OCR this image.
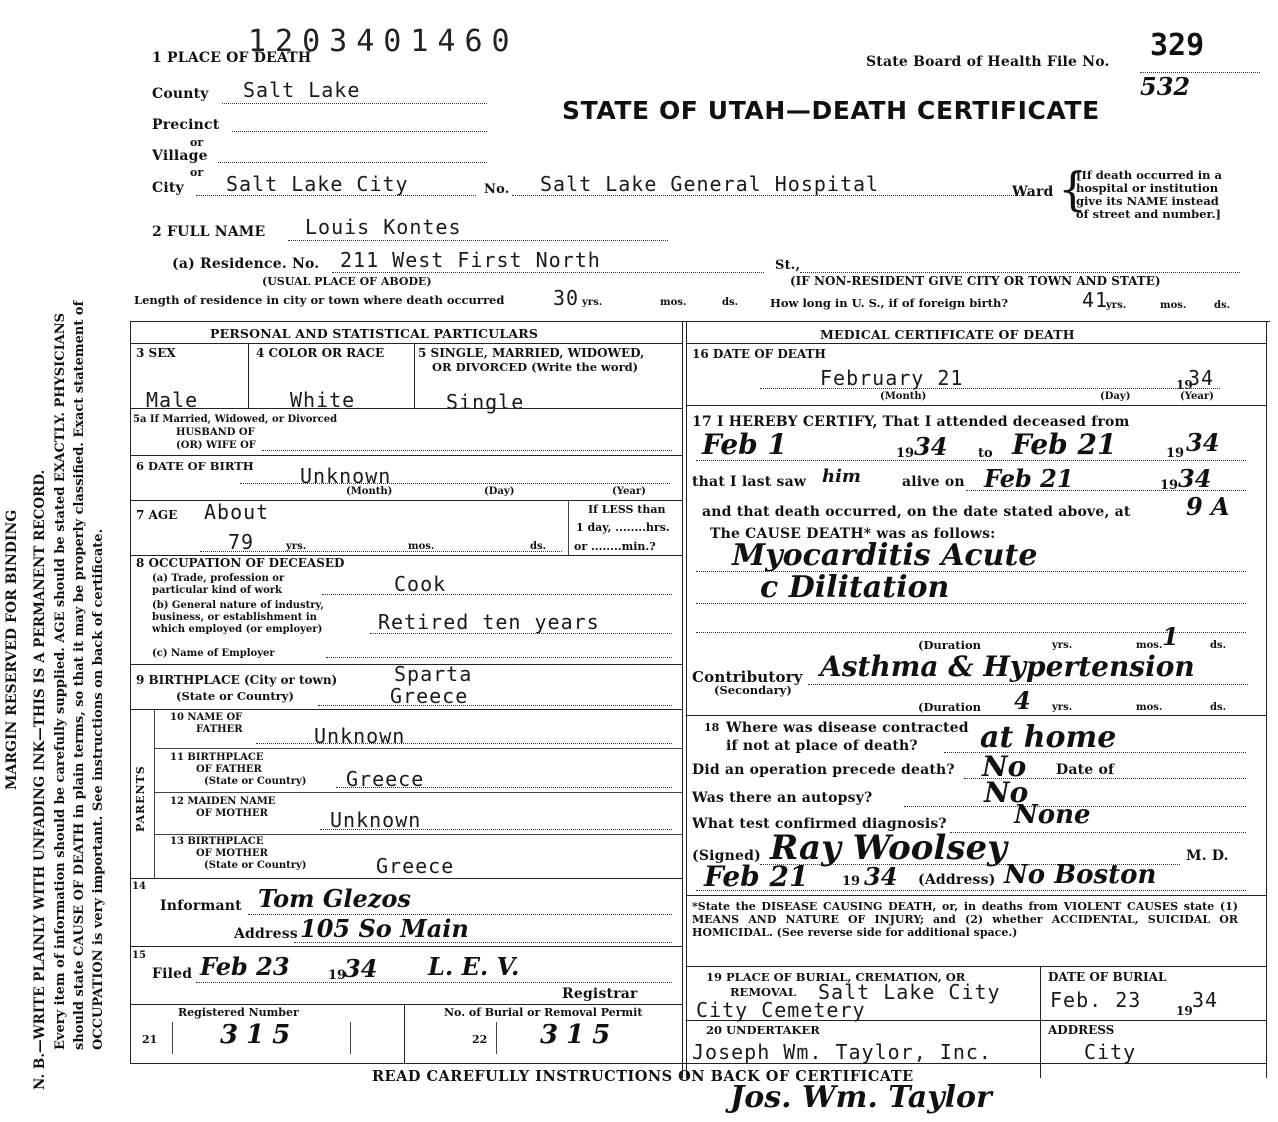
MARGIN RESERVED FOR BINDING N. B.—WRITE PLAINLY WITH UNFADING INK—THIS IS A PERMANENT RECORD. Every item of information should be carefully supplied. AGE should be stated EXACTLY. PHYSICIANS should state CAUSE OF DEATH in plain terms, so that it may be properly classified. Exact statement of OCCUPATION is very important. See instructions on back of certificate.
1203401460
1 PLACE OF DEATH	State Board of Health File No. 329
532
STATE OF UTAH—DEATH CERTIFICATE
County Salt Lake
Precinct
or
Village
or
City Salt Lake City	No. Salt Lake General Hospital	Ward {
[If death occurred in a
hospital or institution
give its NAME instead
of street and number.]
2 FULL NAME Louis Kontes
(a) Residence. No. 211 West First North	St.,
(USUAL PLACE OF ABODE)	(IF NON-RESIDENT GIVE CITY OR TOWN AND STATE)
Length of residence in city or town where death occurred 30 yrs.	mos.	ds.	How long in U. S., if of foreign birth?	41
yrs.	mos.	ds.
PERSONAL AND STATISTICAL PARTICULARS
3 SEX
Male
4 COLOR OR RACE
White
5 SINGLE, MARRIED, WIDOWED,
OR DIVORCED (Write the word)
Single
5a If Married, Widowed, or Divorced
HUSBAND OF
(OR) WIFE OF
6 DATE OF BIRTH Unknown
(Month)	(Day)	(Year)
7 AGE About
79	yrs.	mos.	ds.
If LESS than
1 day, ........hrs.
or ........min.?
8 OCCUPATION OF DECEASED
(a) Trade, profession or
particular kind of work	Cook
(b) General nature of industry,
business, or establishment in
which employed (or employer)	Retired ten years
(c) Name of Employer
9 BIRTHPLACE (City or town)	Sparta
(State or Country)	Greece
PARENTS
10 NAME OF
FATHER	Unknown
11 BIRTHPLACE
OF FATHER
(State or Country) Greece
12 MAIDEN NAME
OF MOTHER	Unknown
13 BIRTHPLACE
OF MOTHER
(State or Country)	Greece
14
Informant Tom Glezos
Address 105 So Main
15
Filed Feb 23	19
34 L. E. V.
Registrar
Registered Number	No. of Burial or Removal Permit
21 315	22 315
MEDICAL CERTIFICATE OF DEATH
16 DATE OF DEATH
February 21	19
34
(Month)	(Day)	(Year)
17 I HEREBY CERTIFY, That I attended deceased from
Feb 1	19 34 to Feb 21	19 34
that I last saw him	alive on Feb 21	19 34
and that death occurred, on the date stated above, at 9 A
The CAUSE DEATH* was as follows:
Myocarditis Acute
c Dilitation
(Duration	yrs.	mos. 1	ds.
Contributory
(Secondary)
Asthma & Hypertension
(Duration 4 yrs.	mos.	ds.
18 Where was disease contracted
if not at place of death? at home
Did an operation precede death? No Date of
Was there an autopsy?	No
What test confirmed diagnosis?	None
(Signed) Ray Woolsey	M. D.
Feb 21	19 34 (Address) No Boston
*State the DISEASE CAUSING DEATH, or, in deaths from VIOLENT CAUSES state (1) MEANS AND NATURE OF INJURY; and (2) whether ACCIDENTAL, SUICIDAL OR HOMICIDAL. (See reverse side for additional space.)
19 PLACE OF BURIAL, CREMATION, OR
REMOVAL Salt Lake City
City Cemetery
DATE OF BURIAL
Feb. 23	19 34
20 UNDERTAKER
Joseph Wm. Taylor, Inc.
ADDRESS
City
READ CAREFULLY INSTRUCTIONS ON BACK OF CERTIFICATE
Jos. Wm. Taylor
